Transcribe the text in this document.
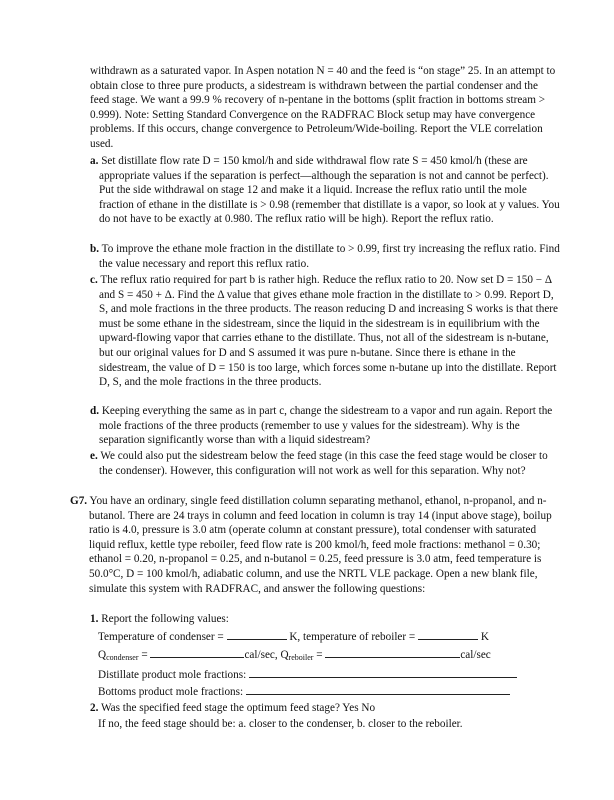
withdrawn as a saturated vapor. In Aspen notation N = 40 and the feed is “on stage” 25. In an attempt to obtain close to three pure products, a sidestream is withdrawn between the partial condenser and the feed stage. We want a 99.9 % recovery of n-pentane in the bottoms (split fraction in bottoms stream > 0.999). Note: Setting Standard Convergence on the RADFRAC Block setup may have convergence problems. If this occurs, change convergence to Petroleum/Wide-boiling. Report the VLE correlation used.

a. Set distillate flow rate D = 150 kmol/h and side withdrawal flow rate S = 450 kmol/h (these are appropriate values if the separation is perfect—although the separation is not and cannot be perfect). Put the side withdrawal on stage 12 and make it a liquid. Increase the reflux ratio until the mole fraction of ethane in the distillate is > 0.98 (remember that distillate is a vapor, so look at y values. You do not have to be exactly at 0.980. The reflux ratio will be high). Report the reflux ratio.

b. To improve the ethane mole fraction in the distillate to > 0.99, first try increasing the reflux ratio. Find the value necessary and report this reflux ratio.

c. The reflux ratio required for part b is rather high. Reduce the reflux ratio to 20. Now set D = 150 − Δ and S = 450 + Δ. Find the Δ value that gives ethane mole fraction in the distillate to > 0.99. Report D, S, and mole fractions in the three products. The reason reducing D and increasing S works is that there must be some ethane in the sidestream, since the liquid in the sidestream is in equilibrium with the upward-flowing vapor that carries ethane to the distillate. Thus, not all of the sidestream is n-butane, but our original values for D and S assumed it was pure n-butane. Since there is ethane in the sidestream, the value of D = 150 is too large, which forces some n-butane up into the distillate. Report D, S, and the mole fractions in the three products.

d. Keeping everything the same as in part c, change the sidestream to a vapor and run again. Report the mole fractions of the three products (remember to use y values for the sidestream). Why is the separation significantly worse than with a liquid sidestream?

e. We could also put the sidestream below the feed stage (in this case the feed stage would be closer to the condenser). However, this configuration will not work as well for this separation. Why not?

G7. You have an ordinary, single feed distillation column separating methanol, ethanol, n-propanol, and n-butanol. There are 24 trays in column and feed location in column is tray 14 (input above stage), boilup ratio is 4.0, pressure is 3.0 atm (operate column at constant pressure), total condenser with saturated liquid reflux, kettle type reboiler, feed flow rate is 200 kmol/h, feed mole fractions: methanol = 0.30; ethanol = 0.20, n-propanol = 0.25, and n-butanol = 0.25, feed pressure is 3.0 atm, feed temperature is 50.0°C, D = 100 kmol/h, adiabatic column, and use the NRTL VLE package. Open a new blank file, simulate this system with RADFRAC, and answer the following questions:

1. Report the following values:

Temperature of condenser =	K, temperature of reboiler =	K
$Q_{condenser}$ =	cal/sec, $Q_{reboiler}$ =	cal/sec
Distillate product mole fractions:
Bottoms product mole fractions:

2. Was the specified feed stage the optimum feed stage? Yes No

If no, the feed stage should be: a. closer to the condenser, b. closer to the reboiler.
